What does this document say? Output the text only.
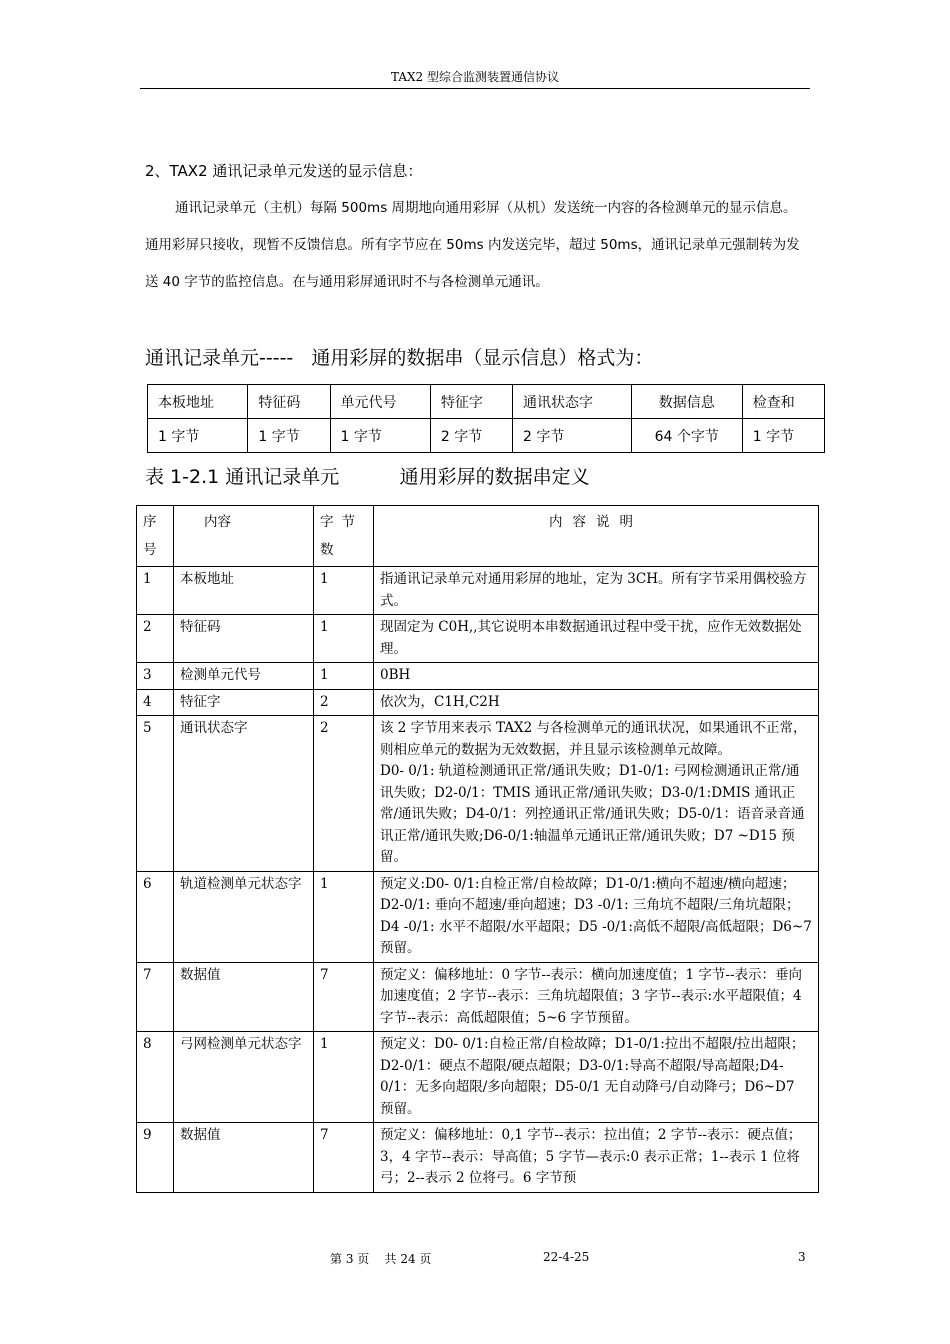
TAX2 型综合监测装置通信协议
2、TAX2 通讯记录单元发送的显示信息：
通讯记录单元（主机）每隔 500ms 周期地向通用彩屏（从机）发送统一内容的各检测单元的显示信息。通用彩屏只接收，现暂不反馈信息。所有字节应在 50ms 内发送完毕，超过 50ms，通讯记录单元强制转为发送 40 字节的监控信息。在与通用彩屏通讯时不与各检测单元通讯。
通讯记录单元-----   通用彩屏的数据串（显示信息）格式为：
本板地址	特征码	单元代号	特征字	通讯状态字	数据信息	检查和
1 字节	1 字节	1 字节	2 字节	2 字节	64 个字节	1 字节
表 1-2.1 通讯记录单元          通用彩屏的数据串定义
序号	内容	字节数	内容说明
1	本板地址	1	指通讯记录单元对通用彩屏的地址，定为 3CH。所有字节采用偶校验方式。
2	特征码	1	现固定为 C0H,,其它说明本串数据通讯过程中受干扰，应作无效数据处理。
3	检测单元代号	1	0BH
4	特征字	2	依次为，C1H,C2H
5	通讯状态字	2	该 2 字节用来表示 TAX2 与各检测单元的通讯状况，如果通讯不正常，则相应单元的数据为无效数据，并且显示该检测单元故障。
D0- 0/1: 轨道检测通讯正常/通讯失败；D1-0/1: 弓网检测通讯正常/通讯失败；D2-0/1：TMIS 通讯正常/通讯失败；D3-0/1:DMIS 通讯正常/通讯失败；D4-0/1：列控通讯正常/通讯失败；D5-0/1：语音录音通讯正常/通讯失败;D6-0/1:轴温单元通讯正常/通讯失败；D7 ~D15 预留。
6	轨道检测单元状态字	1	预定义:D0- 0/1:自检正常/自检故障；D1-0/1:横向不超速/横向超速；D2-0/1: 垂向不超速/垂向超速；D3 -0/1: 三角坑不超限/三角坑超限；D4 -0/1: 水平不超限/水平超限；D5 -0/1:高低不超限/高低超限；D6~7 预留。
7	数据值	7	预定义：偏移地址：0 字节--表示：横向加速度值；1 字节--表示：垂向加速度值；2 字节--表示：三角坑超限值；3 字节--表示:水平超限值；4 字节--表示：高低超限值；5~6 字节预留。
8	弓网检测单元状态字	1	预定义：D0- 0/1:自检正常/自检故障；D1-0/1:拉出不超限/拉出超限；D2-0/1：硬点不超限/硬点超限；D3-0/1:导高不超限/导高超限;D4-0/1：无多向超限/多向超限；D5-0/1 无自动降弓/自动降弓；D6~D7 预留。
9	数据值	7	预定义：偏移地址：0,1 字节--表示：拉出值；2 字节--表示：硬点值；3，4 字节--表示：导高值；5 字节—表示:0 表示正常；1--表示 1 位将弓；2--表示 2 位将弓。6 字节预
第 3 页    共 24 页	22-4-25	3
